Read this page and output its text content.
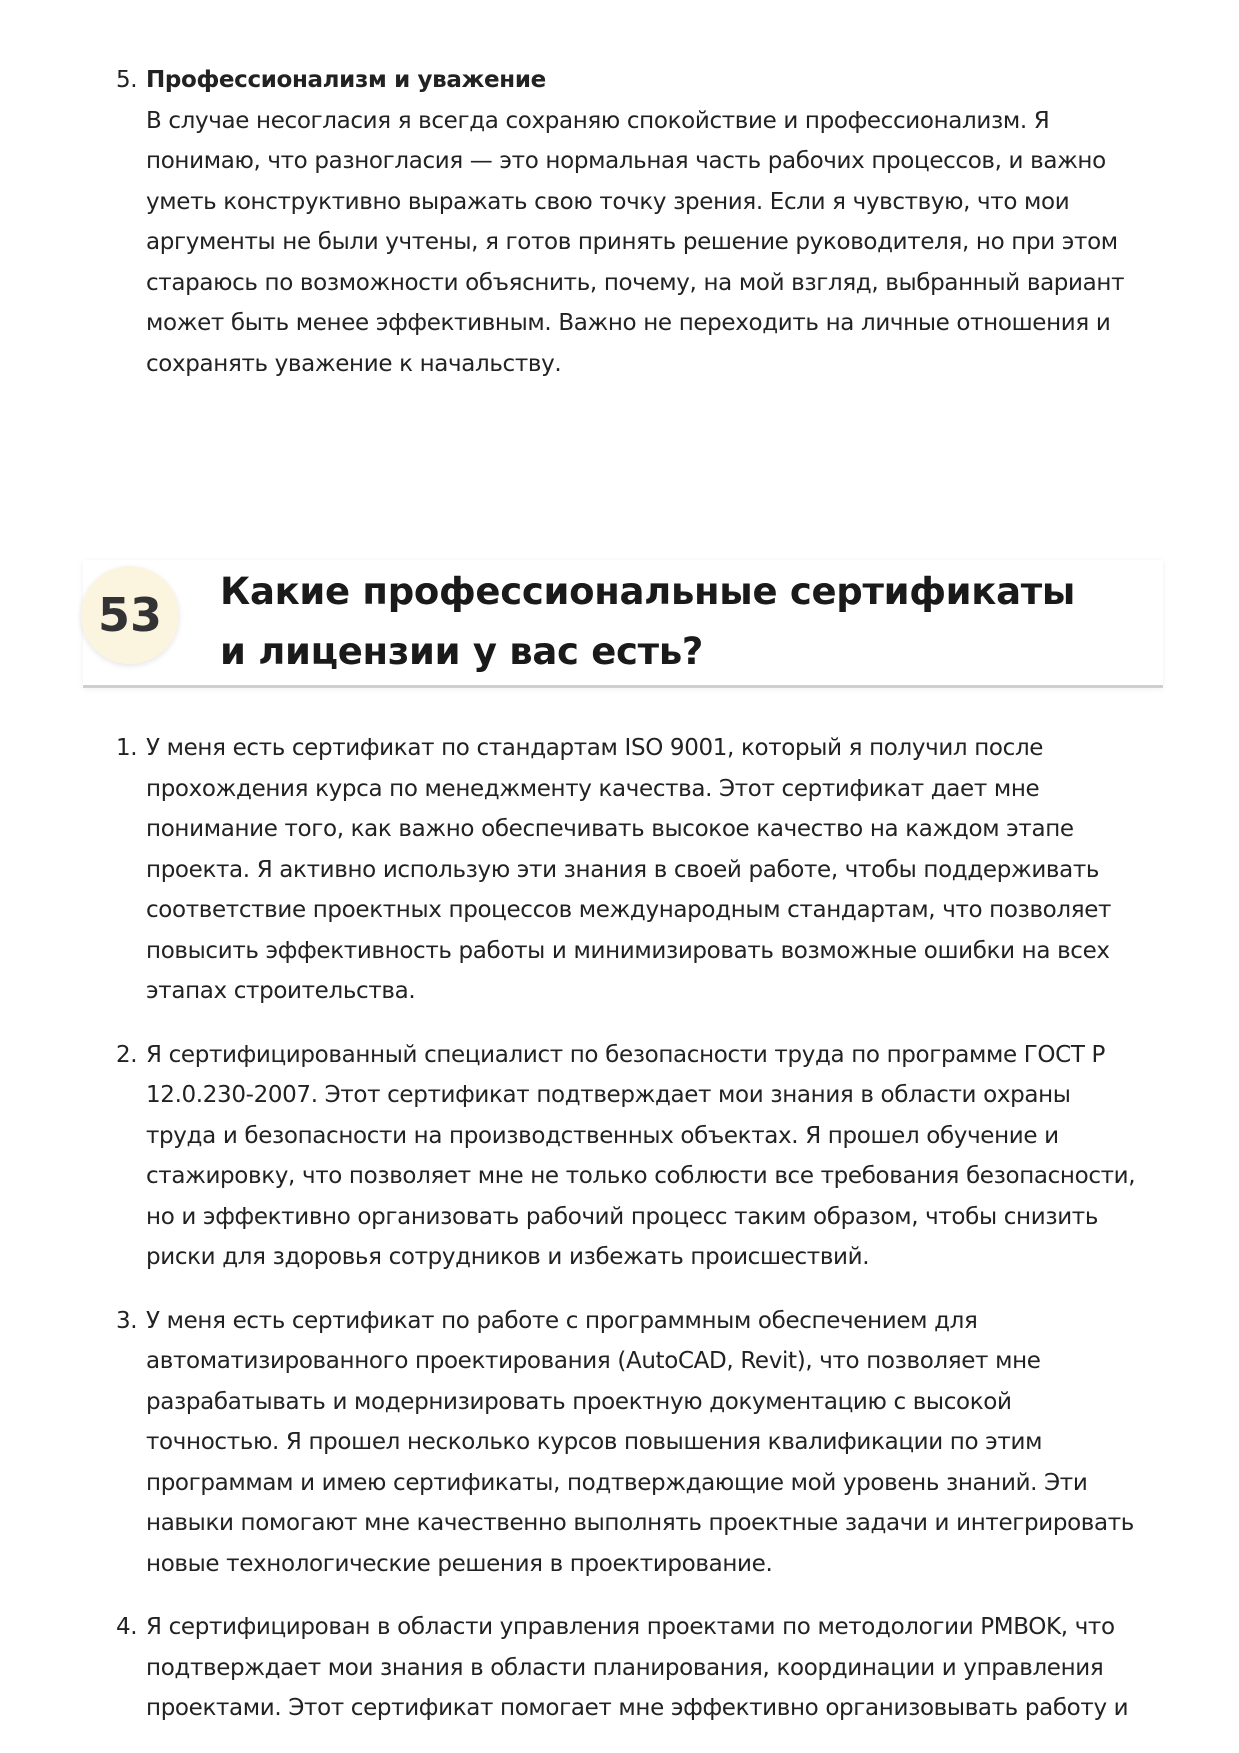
5. Профессионализм и уважение
В случае несогласия я всегда сохраняю спокойствие и профессионализм. Я понимаю, что разногласия — это нормальная часть рабочих процессов, и важно уметь конструктивно выражать свою точку зрения. Если я чувствую, что мои аргументы не были учтены, я готов принять решение руководителя, но при этом стараюсь по возможности объяснить, почему, на мой взгляд, выбранный вариант может быть менее эффективным. Важно не переходить на личные отношения и сохранять уважение к начальству.
53	Какие профессиональные сертификаты и лицензии у вас есть?
1. У меня есть сертификат по стандартам ISO 9001, который я получил после прохождения курса по менеджменту качества. Этот сертификат дает мне понимание того, как важно обеспечивать высокое качество на каждом этапе проекта. Я активно использую эти знания в своей работе, чтобы поддерживать соответствие проектных процессов международным стандартам, что позволяет повысить эффективность работы и минимизировать возможные ошибки на всех этапах строительства.
2. Я сертифицированный специалист по безопасности труда по программе ГОСТ Р 12.0.230-2007. Этот сертификат подтверждает мои знания в области охраны труда и безопасности на производственных объектах. Я прошел обучение и стажировку, что позволяет мне не только соблюсти все требования безопасности, но и эффективно организовать рабочий процесс таким образом, чтобы снизить риски для здоровья сотрудников и избежать происшествий.
3. У меня есть сертификат по работе с программным обеспечением для автоматизированного проектирования (AutoCAD, Revit), что позволяет мне разрабатывать и модернизировать проектную документацию с высокой точностью. Я прошел несколько курсов повышения квалификации по этим программам и имею сертификаты, подтверждающие мой уровень знаний. Эти навыки помогают мне качественно выполнять проектные задачи и интегрировать новые технологические решения в проектирование.
4. Я сертифицирован в области управления проектами по методологии PMBOK, что подтверждает мои знания в области планирования, координации и управления проектами. Этот сертификат помогает мне эффективно организовывать работу и
